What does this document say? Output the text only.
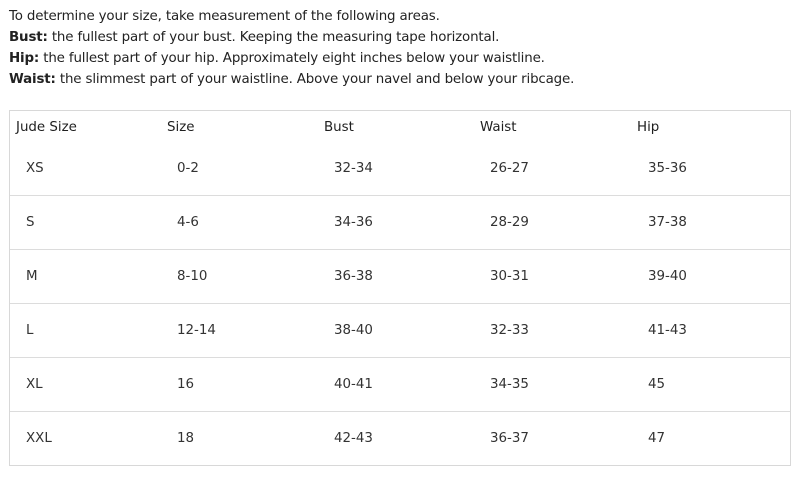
To determine your size, take measurement of the following areas.
Bust: the fullest part of your bust. Keeping the measuring tape horizontal.
Hip: the fullest part of your hip. Approximately eight inches below your waistline.
Waist: the slimmest part of your waistline. Above your navel and below your ribcage.
Jude Size	Size	Bust	Waist	Hip
XS	0-2	32-34	26-27	35-36
S	4-6	34-36	28-29	37-38
M	8-10	36-38	30-31	39-40
L	12-14	38-40	32-33	41-43
XL	16	40-41	34-35	45
XXL	18	42-43	36-37	47
